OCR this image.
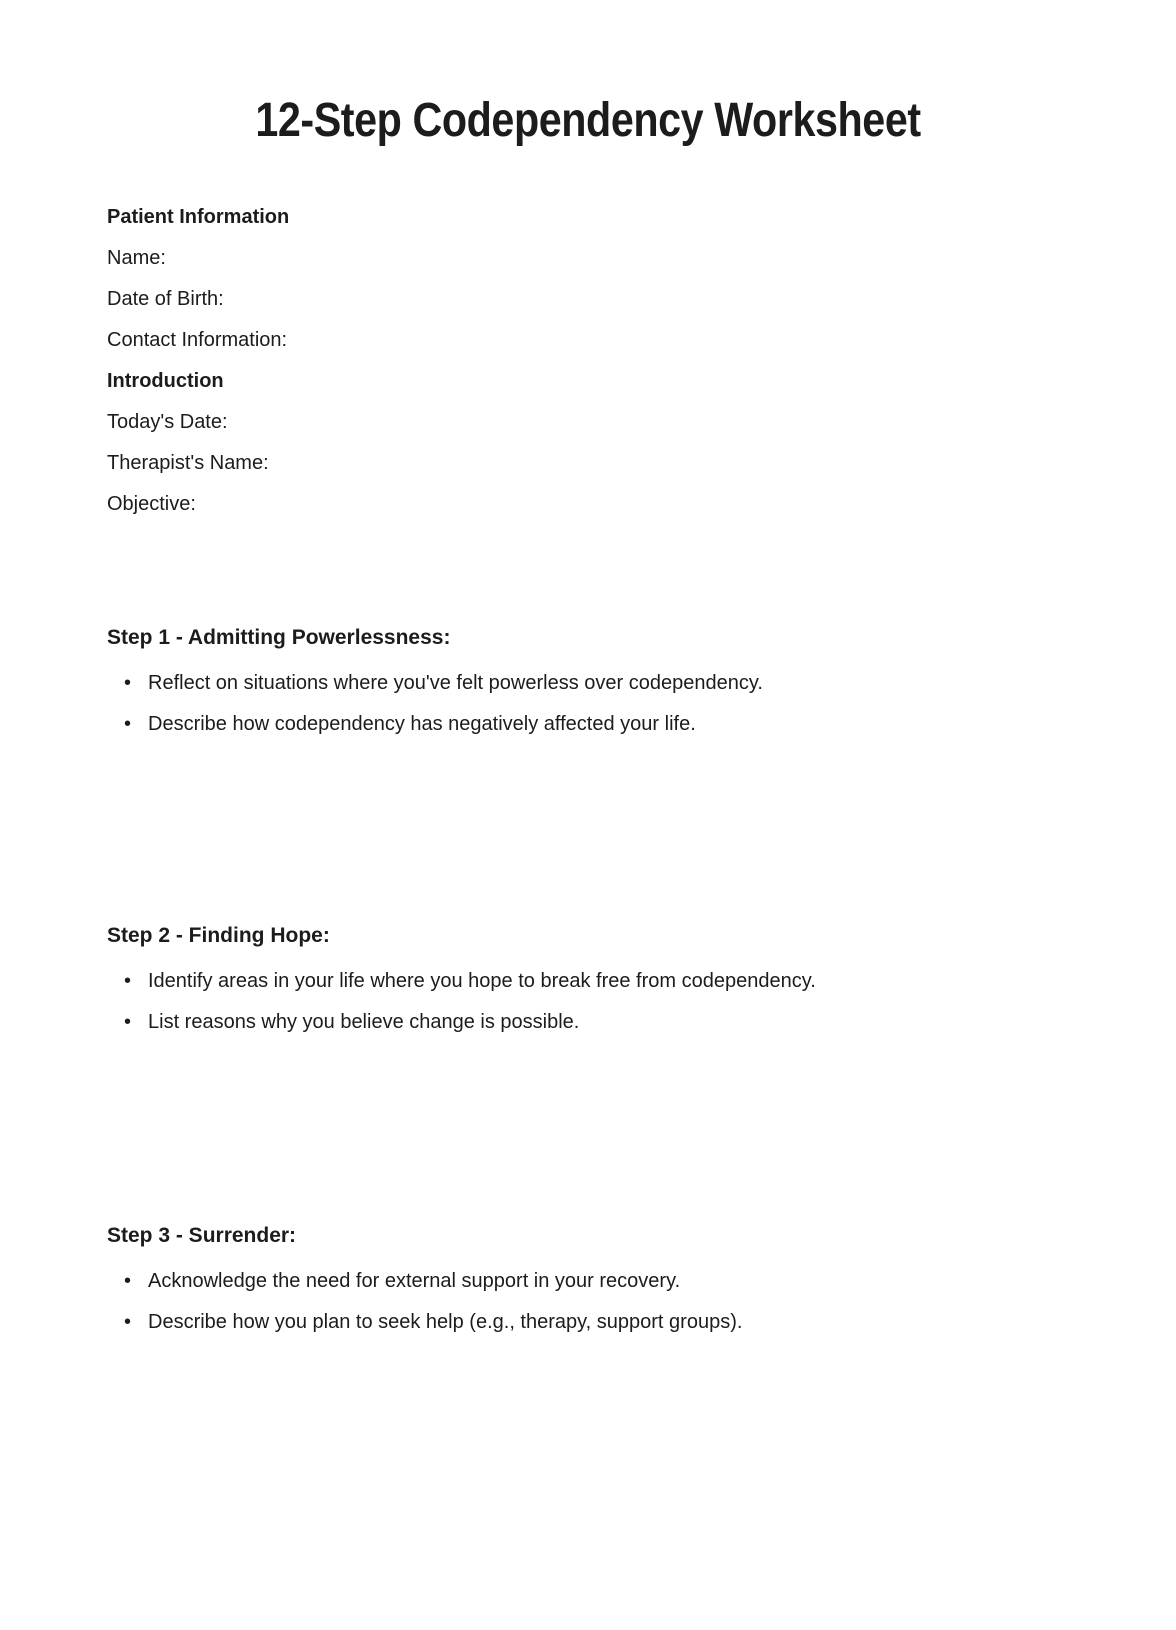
12-Step Codependency Worksheet
Patient Information
Name:
Date of Birth:
Contact Information:
Introduction
Today's Date:
Therapist's Name:
Objective:
Step 1 - Admitting Powerlessness:
• Reflect on situations where you've felt powerless over codependency.
• Describe how codependency has negatively affected your life.
Step 2 - Finding Hope:
• Identify areas in your life where you hope to break free from codependency.
• List reasons why you believe change is possible.
Step 3 - Surrender:
• Acknowledge the need for external support in your recovery.
• Describe how you plan to seek help (e.g., therapy, support groups).
